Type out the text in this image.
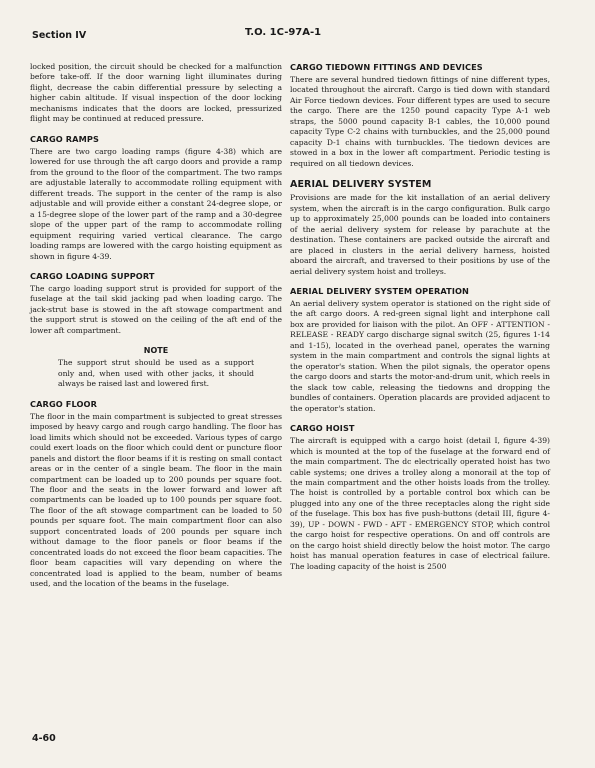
Section IV	T.O. 1C-97A-1

locked position, the circuit should be checked for a malfunction before take-off. If the door warning light illuminates during flight, decrease the cabin differential pressure by selecting a higher cabin altitude. If visual inspection of the door locking mechanisms indicates that the doors are locked, pressurized flight may be continued at reduced pressure.

CARGO RAMPS

There are two cargo loading ramps (figure 4-38) which are lowered for use through the aft cargo doors and provide a ramp from the ground to the floor of the compartment. The two ramps are adjustable laterally to accommodate rolling equipment with different treads. The support in the center of the ramp is also adjustable and will provide either a constant 24-degree slope, or a 15-degree slope of the lower part of the ramp and a 30-degree slope of the upper part of the ramp to accommodate rolling equipment requiring varied vertical clearance. The cargo loading ramps are lowered with the cargo hoisting equipment as shown in figure 4-39.

CARGO LOADING SUPPORT

The cargo loading support strut is provided for support of the fuselage at the tail skid jacking pad when loading cargo. The jack-strut base is stowed in the aft stowage compartment and the support strut is stowed on the ceiling of the aft end of the lower aft compartment.

NOTE

The support strut should be used as a support only and, when used with other jacks, it should always be raised last and lowered first.

CARGO FLOOR

The floor in the main compartment is subjected to great stresses imposed by heavy cargo and rough cargo handling. The floor has load limits which should not be exceeded. Various types of cargo could exert loads on the floor which could dent or puncture floor panels and distort the floor beams if it is resting on small contact areas or in the center of a single beam. The floor in the main compartment can be loaded up to 200 pounds per square foot. The floor and the seats in the lower forward and lower aft compartments can be loaded up to 100 pounds per square foot. The floor of the aft stowage compartment can be loaded to 50 pounds per square foot. The main compartment floor can also support concentrated loads of 200 pounds per square inch without damage to the floor panels or floor beams if the concentrated loads do not exceed the floor beam capacities. The floor beam capacities will vary depending on where the concentrated load is applied to the beam, number of beams used, and the location of the beams in the fuselage.

CARGO TIEDOWN FITTINGS AND DEVICES

There are several hundred tiedown fittings of nine different types, located throughout the aircraft. Cargo is tied down with standard Air Force tiedown devices. Four different types are used to secure the cargo. There are the 1250 pound capacity Type A-1 web straps, the 5000 pound capacity B-1 cables, the 10,000 pound capacity Type C-2 chains with turnbuckles, and the 25,000 pound capacity D-1 chains with turnbuckles. The tiedown devices are stowed in a box in the lower aft compartment. Periodic testing is required on all tiedown devices.

AERIAL DELIVERY SYSTEM

Provisions are made for the kit installation of an aerial delivery system, when the aircraft is in the cargo configuration. Bulk cargo up to approximately 25,000 pounds can be loaded into containers of the aerial delivery system for release by parachute at the destination. These containers are packed outside the aircraft and are placed in clusters in the aerial delivery harness, hoisted aboard the aircraft, and traversed to their positions by use of the aerial delivery system hoist and trolleys.

AERIAL DELIVERY SYSTEM OPERATION

An aerial delivery system operator is stationed on the right side of the aft cargo doors. A red-green signal light and interphone call box are provided for liaison with the pilot. An OFF - ATTENTION - RELEASE - READY cargo discharge signal switch (25, figures 1-14 and 1-15), located in the overhead panel, operates the warning system in the main compartment and controls the signal lights at the operator's station. When the pilot signals, the operator opens the cargo doors and starts the motor-and-drum unit, which reels in the slack tow cable, releasing the tiedowns and dropping the bundles of containers. Operation placards are provided adjacent to the operator's station.

CARGO HOIST

The aircraft is equipped with a cargo hoist (detail I, figure 4-39) which is mounted at the top of the fuselage at the forward end of the main compartment. The dc electrically operated hoist has two cable systems; one drives a trolley along a monorail at the top of the main compartment and the other hoists loads from the trolley. The hoist is controlled by a portable control box which can be plugged into any one of the three receptacles along the right side of the fuselage. This box has five push-buttons (detail III, figure 4-39), UP - DOWN - FWD - AFT - EMERGENCY STOP, which control the cargo hoist for respective operations. On and off controls are on the cargo hoist shield directly below the hoist motor. The cargo hoist has manual operation features in case of electrical failure. The loading capacity of the hoist is 2500

4-60
